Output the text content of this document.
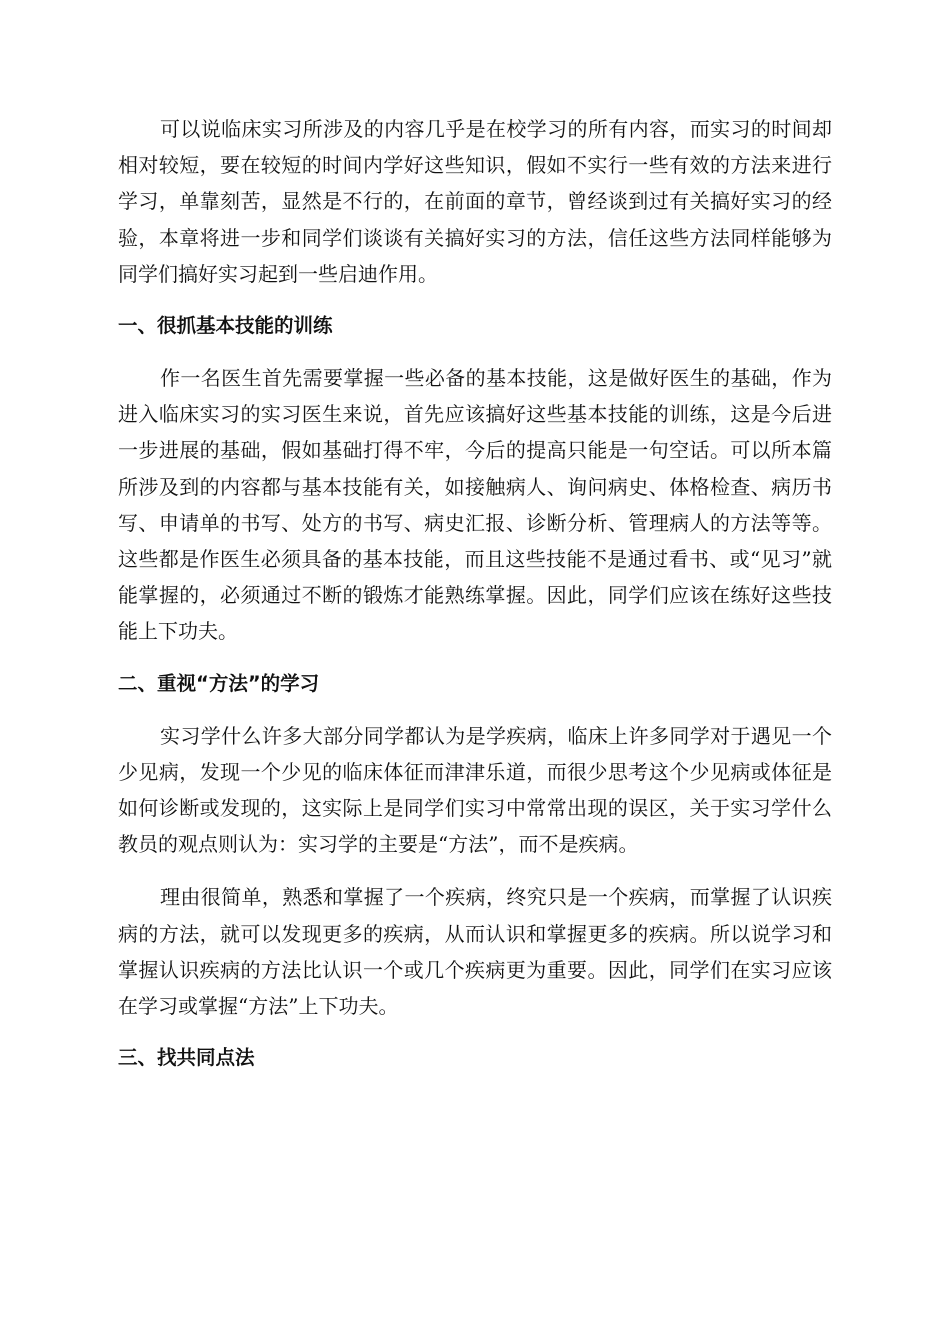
可以说临床实习所涉及的内容几乎是在校学习的所有内容，而实习的时间却相对较短，要在较短的时间内学好这些知识，假如不实行一些有效的方法来进行学习，单靠刻苦，显然是不行的，在前面的章节，曾经谈到过有关搞好实习的经验，本章将进一步和同学们谈谈有关搞好实习的方法，信任这些方法同样能够为同学们搞好实习起到一些启迪作用。

一、很抓基本技能的训练

作一名医生首先需要掌握一些必备的基本技能，这是做好医生的基础，作为进入临床实习的实习医生来说，首先应该搞好这些基本技能的训练，这是今后进一步进展的基础，假如基础打得不牢，今后的提高只能是一句空话。可以所本篇所涉及到的内容都与基本技能有关，如接触病人、询问病史、体格检查、病历书写、申请单的书写、处方的书写、病史汇报、诊断分析、管理病人的方法等等。这些都是作医生必须具备的基本技能，而且这些技能不是通过看书、或“见习”就能掌握的，必须通过不断的锻炼才能熟练掌握。因此，同学们应该在练好这些技能上下功夫。

二、重视“方法”的学习

实习学什么许多大部分同学都认为是学疾病，临床上许多同学对于遇见一个少见病，发现一个少见的临床体征而津津乐道，而很少思考这个少见病或体征是如何诊断或发现的，这实际上是同学们实习中常常出现的误区，关于实习学什么教员的观点则认为：实习学的主要是“方法”，而不是疾病。

理由很简单，熟悉和掌握了一个疾病，终究只是一个疾病，而掌握了认识疾病的方法，就可以发现更多的疾病，从而认识和掌握更多的疾病。所以说学习和掌握认识疾病的方法比认识一个或几个疾病更为重要。因此，同学们在实习应该在学习或掌握“方法”上下功夫。

三、找共同点法
